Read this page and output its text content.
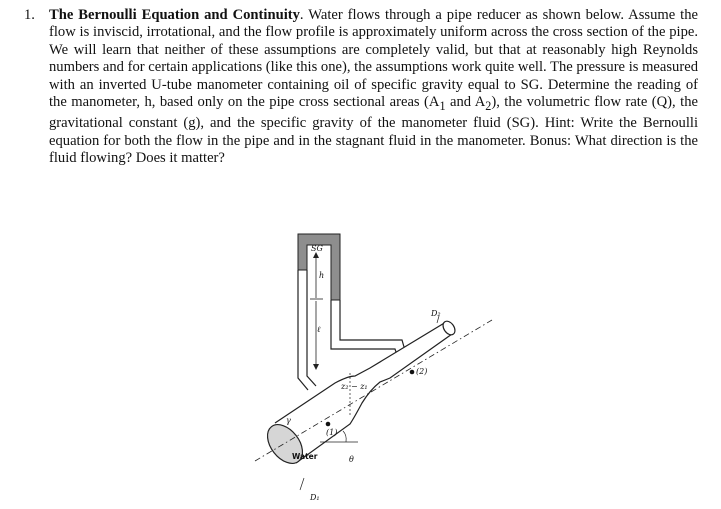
1. The Bernoulli Equation and Continuity. Water flows through a pipe reducer as shown below. Assume the flow is inviscid, irrotational, and the flow profile is approximately uniform across the cross section of the pipe. We will learn that neither of these assumptions are completely valid, but that at reasonably high Reynolds numbers and for certain applications (like this one), the assumptions work quite well. The pressure is measured with an inverted U-tube manometer containing oil of specific gravity equal to SG. Determine the reading of the manometer, h, based only on the pipe cross sectional areas ($A_1$ and $A_2$), the volumetric flow rate (Q), the gravitational constant (g), and the specific gravity of the manometer fluid (SG). Hint: Write the Bernoulli equation for both the flow in the pipe and in the stagnant fluid in the manometer. Bonus: What direction is the fluid flowing? Does it matter?
SG
h
ℓ
D₂
(2)
z₂ − z₁
γ
(1)
Water	θ
D₁
